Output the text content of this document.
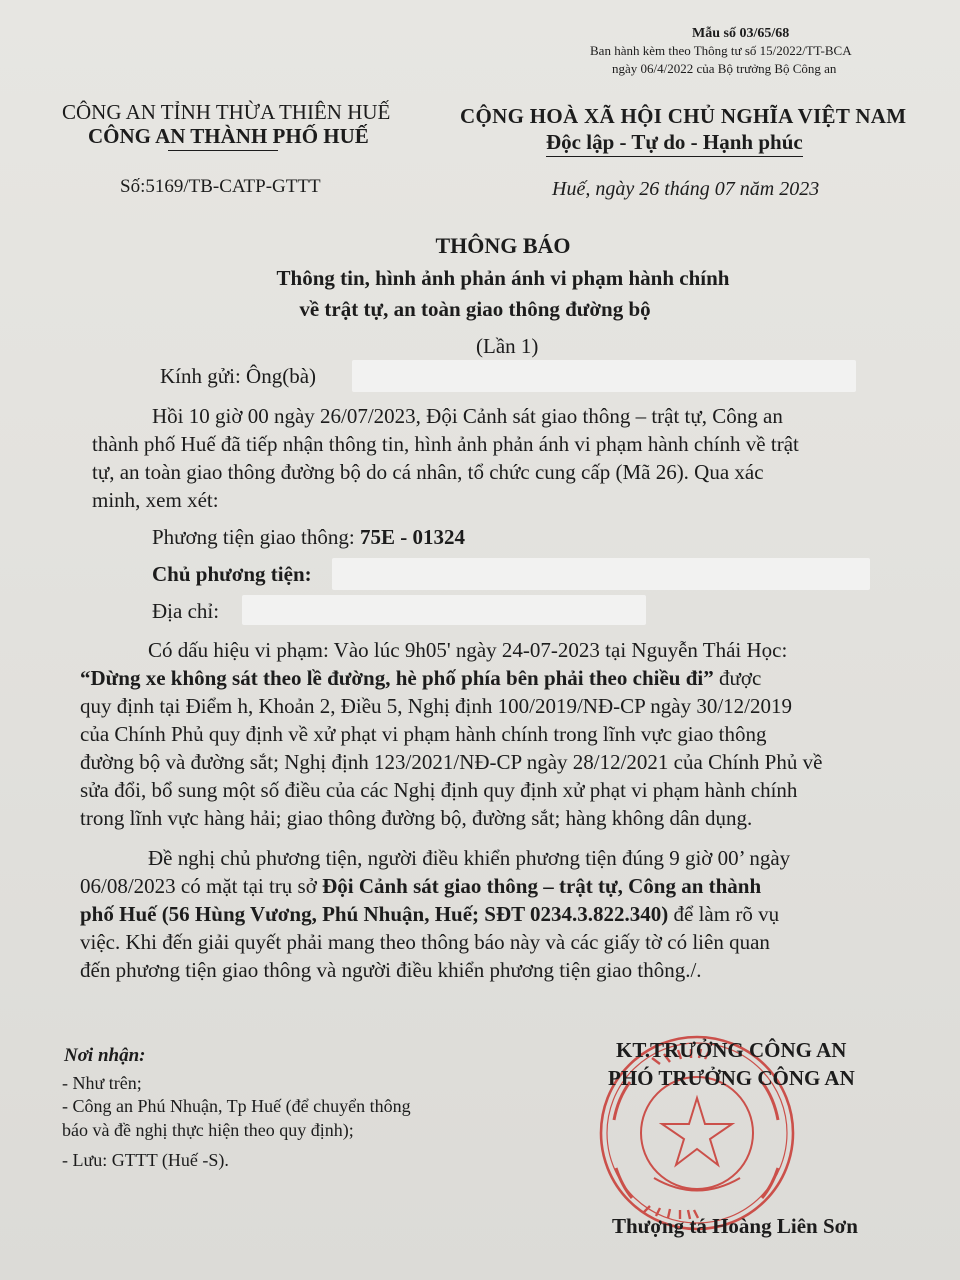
Mẫu số 03/65/68
Ban hành kèm theo Thông tư số 15/2022/TT-BCA
ngày 06/4/2022 của Bộ trưởng Bộ Công an
CÔNG AN TỈNH THỪA THIÊN HUẾ
CÔNG AN THÀNH PHỐ HUẾ
Số:5169/TB-CATP-GTTT
CỘNG HOÀ XÃ HỘI CHỦ NGHĨA VIỆT NAM
Độc lập - Tự do - Hạnh phúc
Huế, ngày 26 tháng 07 năm 2023
THÔNG BÁO
Thông tin, hình ảnh phản ánh vi phạm hành chính
về trật tự, an toàn giao thông đường bộ
(Lần 1)
Kính gửi: Ông(bà)
Hồi 10 giờ 00 ngày 26/07/2023, Đội Cảnh sát giao thông – trật tự, Công an
thành phố Huế đã tiếp nhận thông tin, hình ảnh phản ánh vi phạm hành chính về trật
tự, an toàn giao thông đường bộ do cá nhân, tổ chức cung cấp (Mã 26). Qua xác
minh, xem xét:
Phương tiện giao thông: 75E - 01324
Chủ phương tiện:
Địa chỉ:
Có dấu hiệu vi phạm: Vào lúc 9h05' ngày 24-07-2023 tại Nguyễn Thái Học:
“Dừng xe không sát theo lề đường, hè phố phía bên phải theo chiều đi” được
quy định tại Điểm h, Khoản 2, Điều 5, Nghị định 100/2019/NĐ-CP ngày 30/12/2019
của Chính Phủ quy định về xử phạt vi phạm hành chính trong lĩnh vực giao thông
đường bộ và đường sắt; Nghị định 123/2021/NĐ-CP ngày 28/12/2021 của Chính Phủ về
sửa đổi, bổ sung một số điều của các Nghị định quy định xử phạt vi phạm hành chính
trong lĩnh vực hàng hải; giao thông đường bộ, đường sắt; hàng không dân dụng.
Đề nghị chủ phương tiện, người điều khiển phương tiện đúng 9 giờ 00’ ngày
06/08/2023 có mặt tại trụ sở Đội Cảnh sát giao thông – trật tự, Công an thành
phố Huế (56 Hùng Vương, Phú Nhuận, Huế; SĐT 0234.3.822.340) để làm rõ vụ
việc. Khi đến giải quyết phải mang theo thông báo này và các giấy tờ có liên quan
đến phương tiện giao thông và người điều khiển phương tiện giao thông./.
Nơi nhận:
- Như trên;
- Công an Phú Nhuận, Tp Huế (để chuyển thông
báo và đề nghị thực hiện theo quy định);
- Lưu: GTTT (Huế -S).
KT.TRƯỞNG CÔNG AN
PHÓ TRƯỞNG CÔNG AN
Thượng tá Hoàng Liên Sơn
